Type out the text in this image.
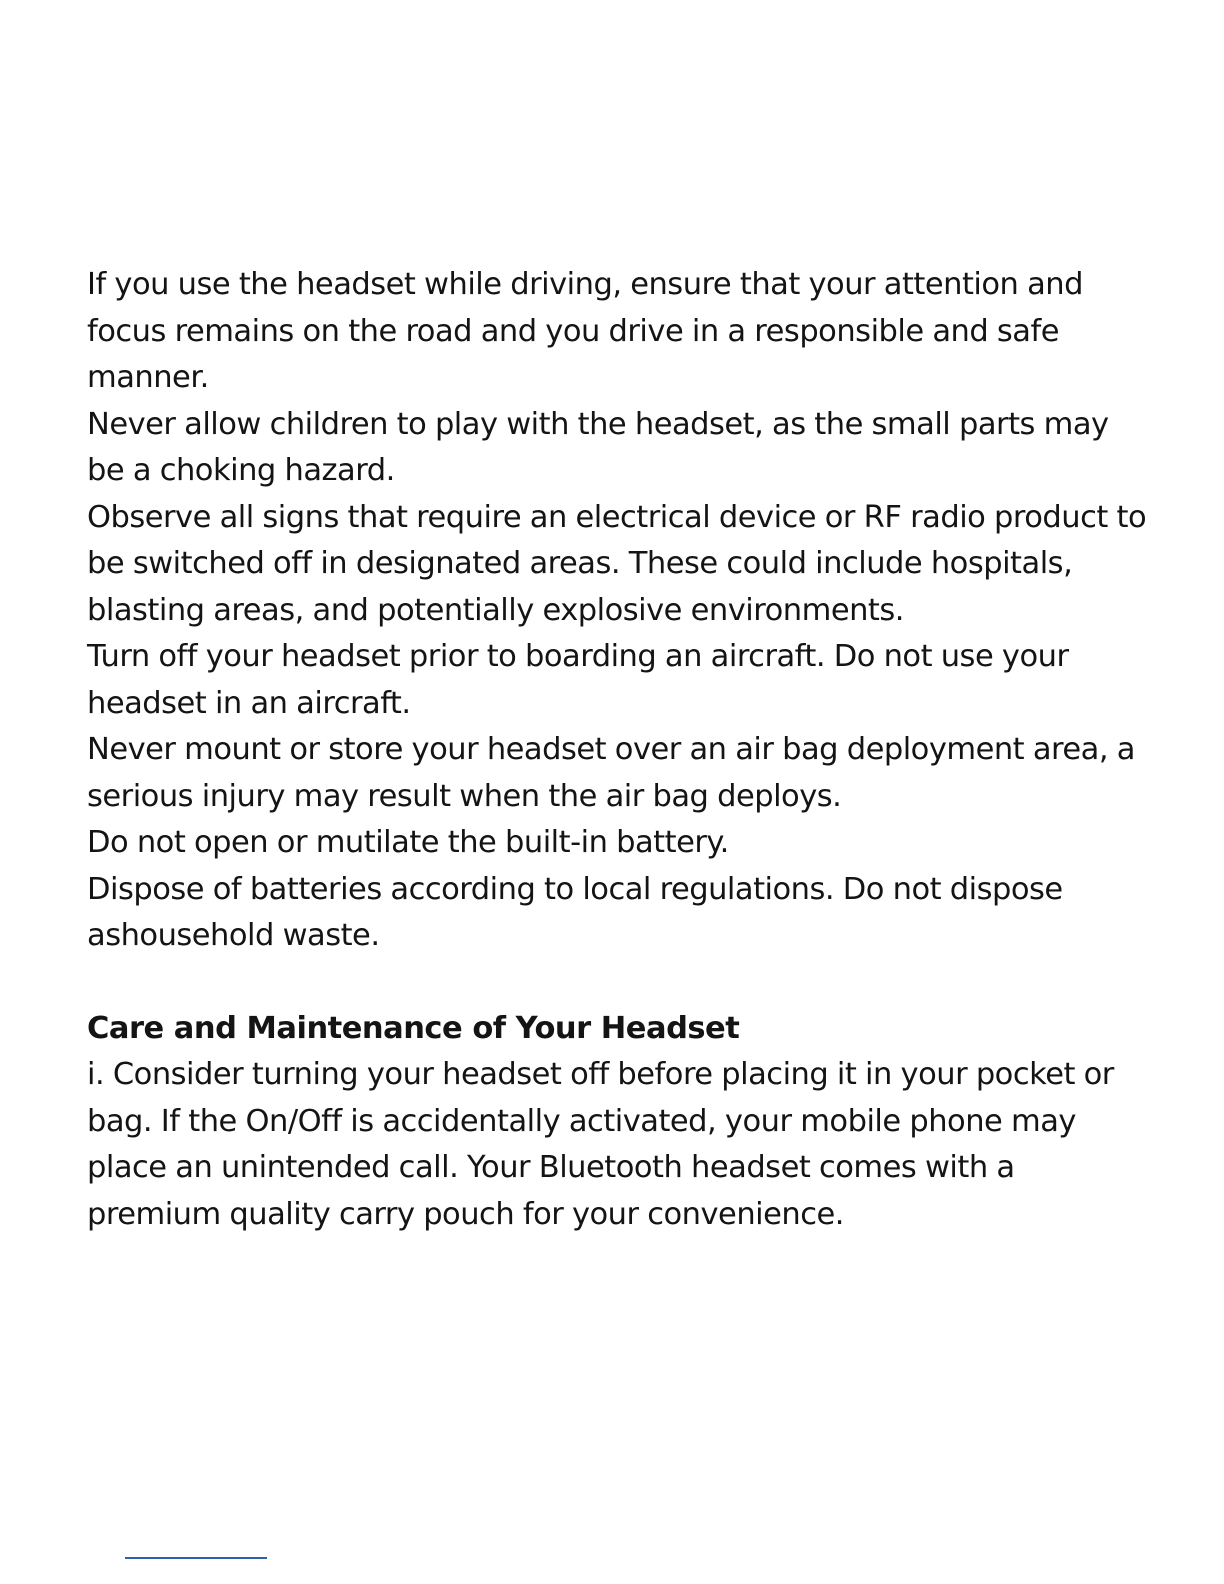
If you use the headset while driving, ensure that your attention and focus remains on the road and you drive in a responsible and safe manner.

Never allow children to play with the headset, as the small parts may be a choking hazard.

Observe all signs that require an electrical device or RF radio product to be switched off in designated areas. These could include hospitals, blasting areas, and potentially explosive environments.

Turn off your headset prior to boarding an aircraft. Do not use your headset in an aircraft.

Never mount or store your headset over an air bag deployment area, a serious injury may result when the air bag deploys.

Do not open or mutilate the built-in battery.

Dispose of batteries according to local regulations. Do not dispose ashousehold waste.

Care and Maintenance of Your Headset

i. Consider turning your headset off before placing it in your pocket or bag. If the On/Off is accidentally activated, your mobile phone may place an unintended call. Your Bluetooth headset comes with a premium quality carry pouch for your convenience.
